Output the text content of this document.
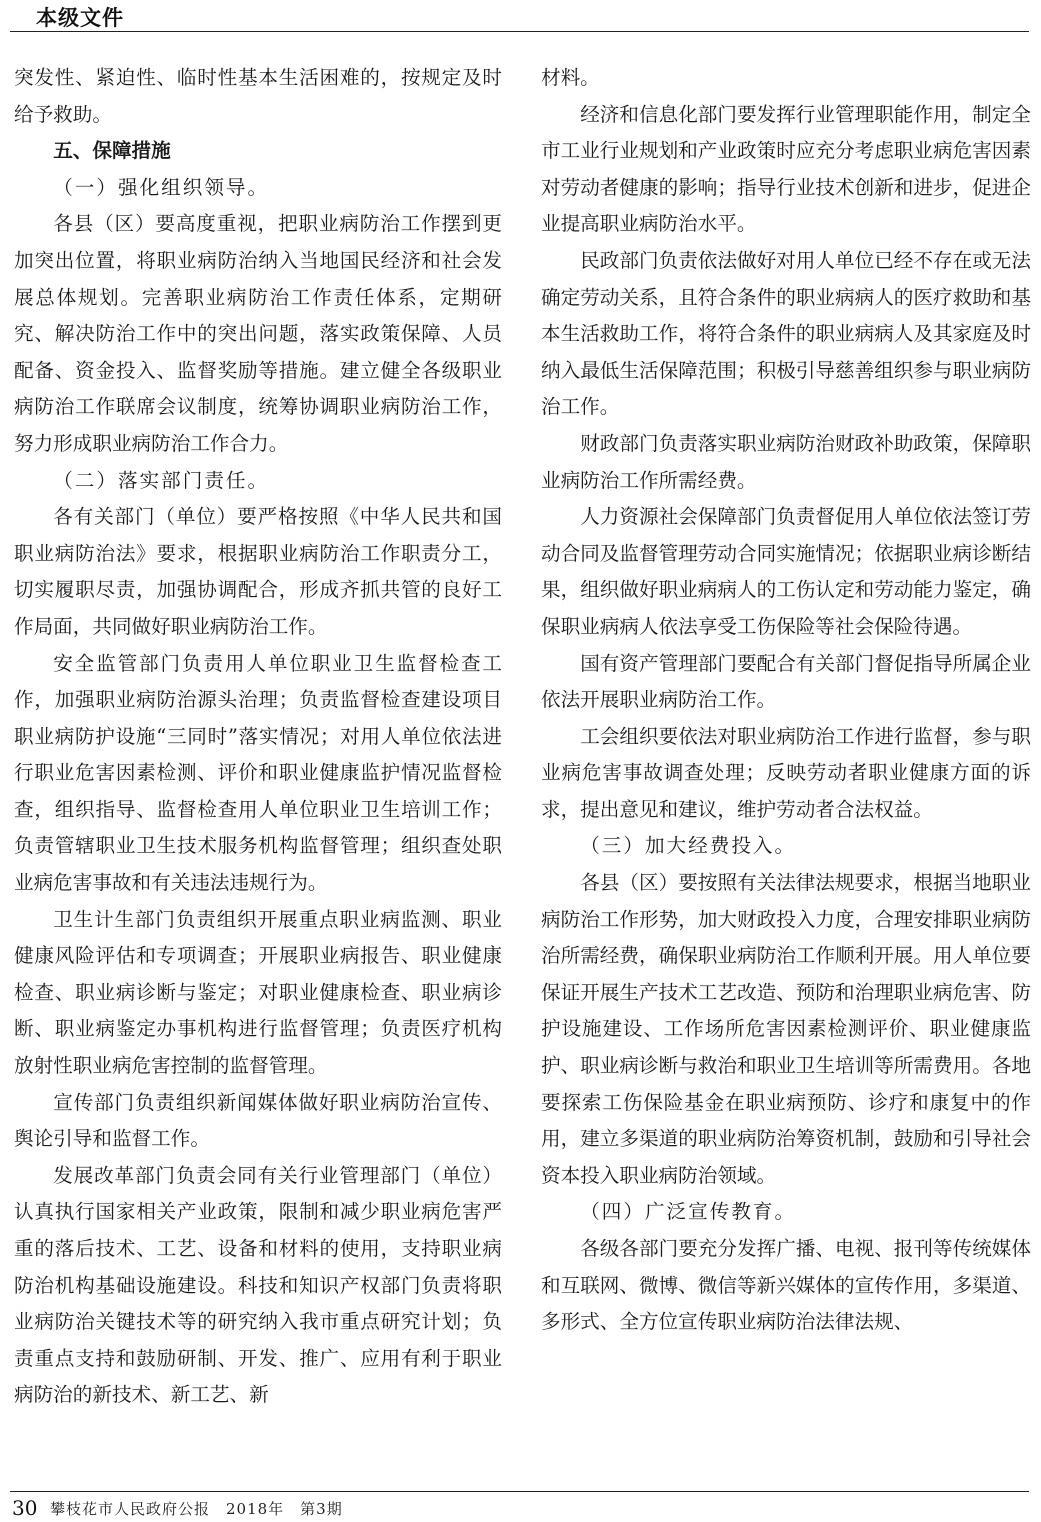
本级文件

突发性、紧迫性、临时性基本生活困难的，按规定及时给予救助。

五、保障措施

（一）强化组织领导。

各县（区）要高度重视，把职业病防治工作摆到更加突出位置，将职业病防治纳入当地国民经济和社会发展总体规划。完善职业病防治工作责任体系，定期研究、解决防治工作中的突出问题，落实政策保障、人员配备、资金投入、监督奖励等措施。建立健全各级职业病防治工作联席会议制度，统筹协调职业病防治工作，努力形成职业病防治工作合力。

（二）落实部门责任。

各有关部门（单位）要严格按照《中华人民共和国职业病防治法》要求，根据职业病防治工作职责分工，切实履职尽责，加强协调配合，形成齐抓共管的良好工作局面，共同做好职业病防治工作。

安全监管部门负责用人单位职业卫生监督检查工作，加强职业病防治源头治理；负责监督检查建设项目职业病防护设施“三同时”落实情况；对用人单位依法进行职业危害因素检测、评价和职业健康监护情况监督检查，组织指导、监督检查用人单位职业卫生培训工作；负责管辖职业卫生技术服务机构监督管理；组织查处职业病危害事故和有关违法违规行为。

卫生计生部门负责组织开展重点职业病监测、职业健康风险评估和专项调查；开展职业病报告、职业健康检查、职业病诊断与鉴定；对职业健康检查、职业病诊断、职业病鉴定办事机构进行监督管理；负责医疗机构放射性职业病危害控制的监督管理。

宣传部门负责组织新闻媒体做好职业病防治宣传、舆论引导和监督工作。

发展改革部门负责会同有关行业管理部门（单位）认真执行国家相关产业政策，限制和减少职业病危害严重的落后技术、工艺、设备和材料的使用，支持职业病防治机构基础设施建设。科技和知识产权部门负责将职业病防治关键技术等的研究纳入我市重点研究计划；负责重点支持和鼓励研制、开发、推广、应用有利于职业病防治的新技术、新工艺、新

材料。

经济和信息化部门要发挥行业管理职能作用，制定全市工业行业规划和产业政策时应充分考虑职业病危害因素对劳动者健康的影响；指导行业技术创新和进步，促进企业提高职业病防治水平。

民政部门负责依法做好对用人单位已经不存在或无法确定劳动关系，且符合条件的职业病病人的医疗救助和基本生活救助工作，将符合条件的职业病病人及其家庭及时纳入最低生活保障范围；积极引导慈善组织参与职业病防治工作。

财政部门负责落实职业病防治财政补助政策，保障职业病防治工作所需经费。

人力资源社会保障部门负责督促用人单位依法签订劳动合同及监督管理劳动合同实施情况；依据职业病诊断结果，组织做好职业病病人的工伤认定和劳动能力鉴定，确保职业病病人依法享受工伤保险等社会保险待遇。

国有资产管理部门要配合有关部门督促指导所属企业依法开展职业病防治工作。

工会组织要依法对职业病防治工作进行监督，参与职业病危害事故调查处理；反映劳动者职业健康方面的诉求，提出意见和建议，维护劳动者合法权益。

（三）加大经费投入。

各县（区）要按照有关法律法规要求，根据当地职业病防治工作形势，加大财政投入力度，合理安排职业病防治所需经费，确保职业病防治工作顺利开展。用人单位要保证开展生产技术工艺改造、预防和治理职业病危害、防护设施建设、工作场所危害因素检测评价、职业健康监护、职业病诊断与救治和职业卫生培训等所需费用。各地要探索工伤保险基金在职业病预防、诊疗和康复中的作用，建立多渠道的职业病防治筹资机制，鼓励和引导社会资本投入职业病防治领域。

（四）广泛宣传教育。

各级各部门要充分发挥广播、电视、报刊等传统媒体和互联网、微博、微信等新兴媒体的宣传作用，多渠道、多形式、全方位宣传职业病防治法律法规、

30 攀枝花市人民政府公报　2018年　第3期
